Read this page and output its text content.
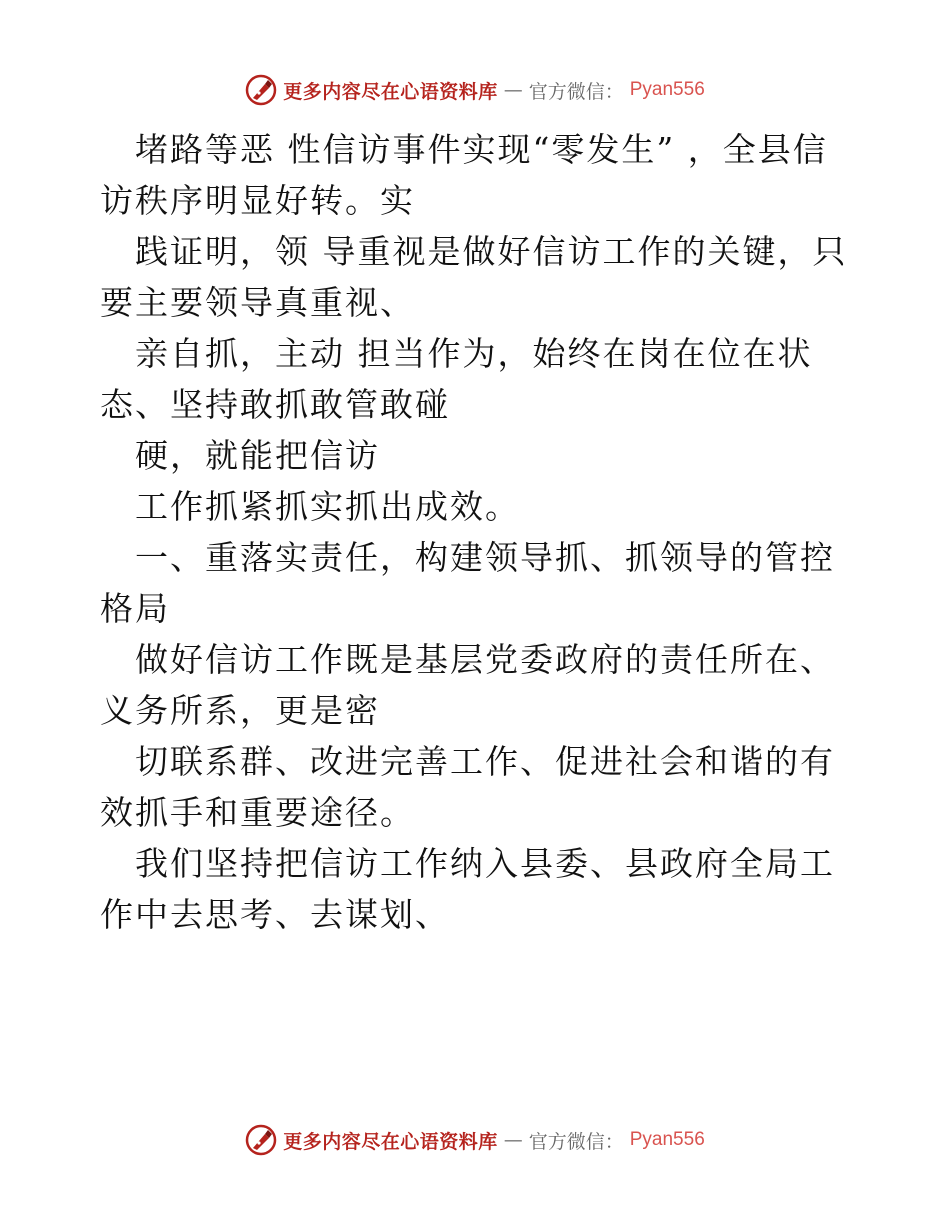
更多内容尽在心语资料库 — 官方微信： Pyan556

堵路等恶 性信访事件实现“零发生” ，全县信访秩序明显好转。实

践证明，领 导重视是做好信访工作的关键，只要主要领导真重视、

亲自抓，主动 担当作为，始终在岗在位在状态、坚持敢抓敢管敢碰

硬，就能把信访

工作抓紧抓实抓出成效。

一、重落实责任，构建领导抓、抓领导的管控格局

做好信访工作既是基层党委政府的责任所在、义务所系，更是密

切联系群、改进完善工作、促进社会和谐的有效抓手和重要途径。

我们坚持把信访工作纳入县委、县政府全局工作中去思考、去谋划、

更多内容尽在心语资料库 — 官方微信： Pyan556
